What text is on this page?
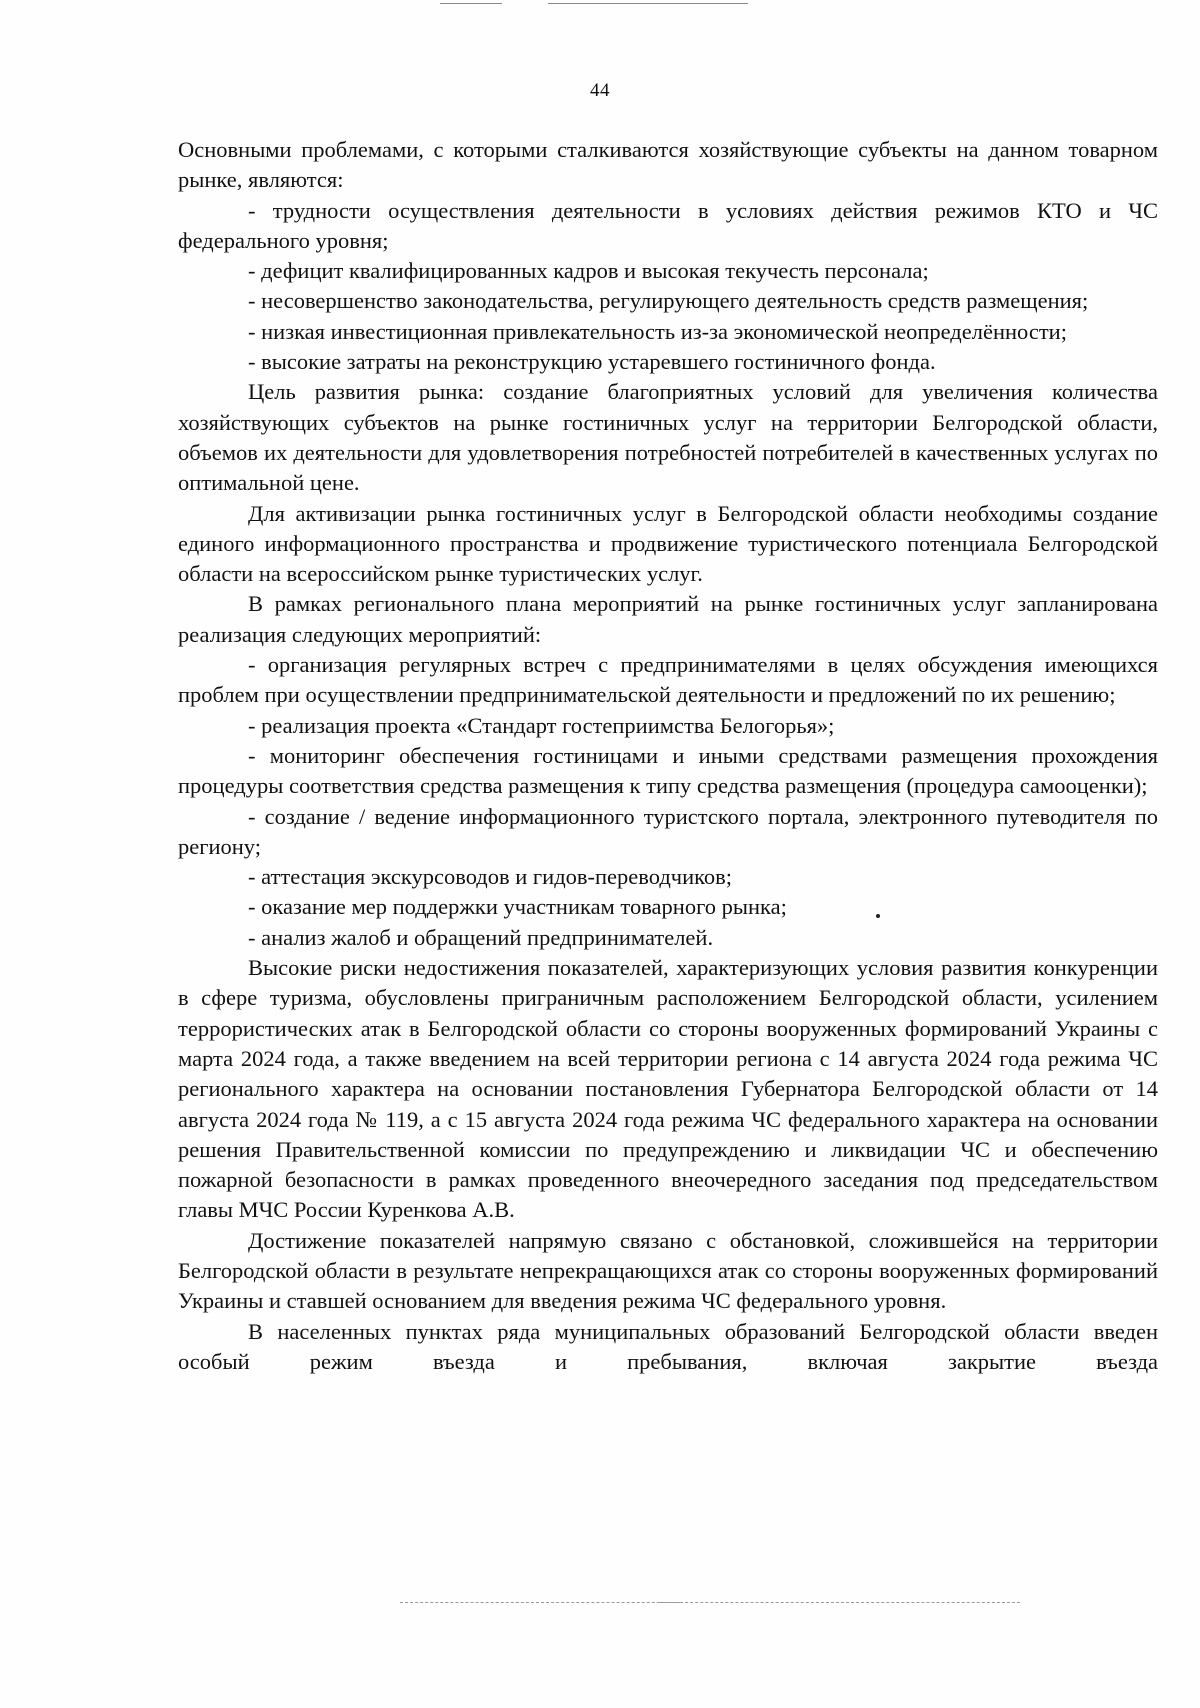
44

Основными проблемами, с которыми сталкиваются хозяйствующие субъекты на данном товарном рынке, являются:

- трудности осуществления деятельности в условиях действия режимов КТО и ЧС федерального уровня;

- дефицит квалифицированных кадров и высокая текучесть персонала;

- несовершенство законодательства, регулирующего деятельность средств размещения;

- низкая инвестиционная привлекательность из-за экономической неопределённости;

- высокие затраты на реконструкцию устаревшего гостиничного фонда.

Цель развития рынка: создание благоприятных условий для увеличения количества хозяйствующих субъектов на рынке гостиничных услуг на территории Белгородской области, объемов их деятельности для удовлетворения потребностей потребителей в качественных услугах по оптимальной цене.

Для активизации рынка гостиничных услуг в Белгородской области необходимы создание единого информационного пространства и продвижение туристического потенциала Белгородской области на всероссийском рынке туристических услуг.

В рамках регионального плана мероприятий на рынке гостиничных услуг запланирована реализация следующих мероприятий:

- организация регулярных встреч с предпринимателями в целях обсуждения имеющихся проблем при осуществлении предпринимательской деятельности и предложений по их решению;

- реализация проекта «Стандарт гостеприимства Белогорья»;

- мониторинг обеспечения гостиницами и иными средствами размещения прохождения процедуры соответствия средства размещения к типу средства размещения (процедура самооценки);

- создание / ведение информационного туристского портала, электронного путеводителя по региону;

- аттестация экскурсоводов и гидов-переводчиков;

- оказание мер поддержки участникам товарного рынка;

- анализ жалоб и обращений предпринимателей.

Высокие риски недостижения показателей, характеризующих условия развития конкуренции в сфере туризма, обусловлены приграничным расположением Белгородской области, усилением террористических атак в Белгородской области со стороны вооруженных формирований Украины с марта 2024 года, а также введением на всей территории региона с 14 августа 2024 года режима ЧС регионального характера на основании постановления Губернатора Белгородской области от 14 августа 2024 года № 119, а с 15 августа 2024 года режима ЧС федерального характера на основании решения Правительственной комиссии по предупреждению и ликвидации ЧС и обеспечению пожарной безопасности в рамках проведенного внеочередного заседания под председательством главы МЧС России Куренкова А.В.

Достижение показателей напрямую связано с обстановкой, сложившейся на территории Белгородской области в результате непрекращающихся атак со стороны вооруженных формирований Украины и ставшей основанием для введения режима ЧС федерального уровня.

В населенных пунктах ряда муниципальных образований Белгородской области введен особый режим въезда и пребывания, включая закрытие въезда
